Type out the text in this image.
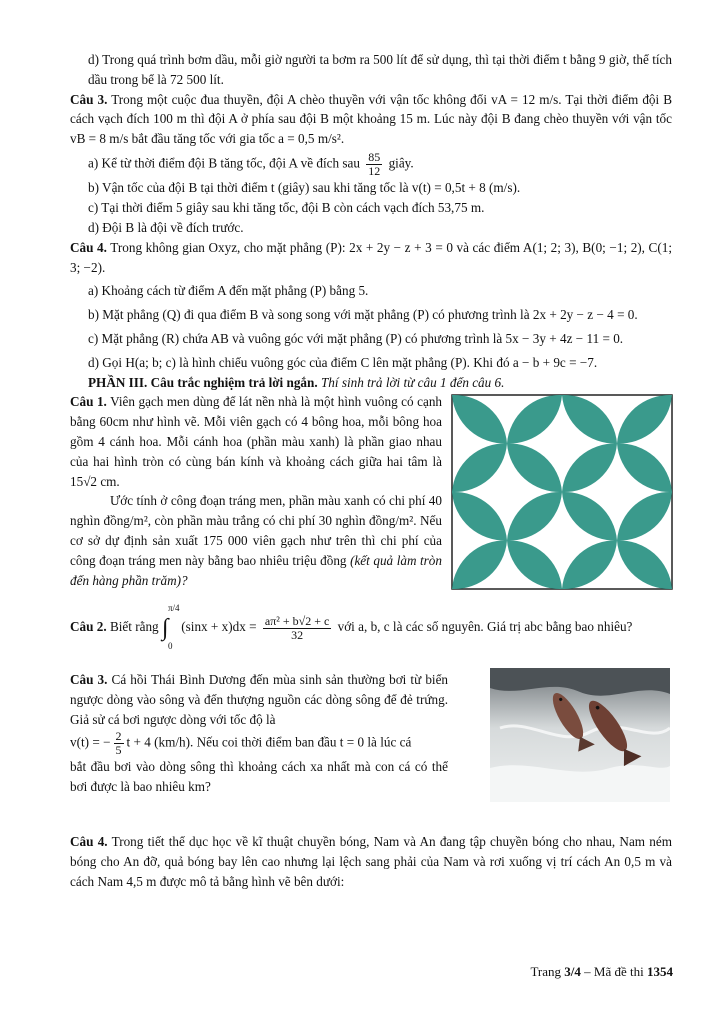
d) Trong quá trình bơm dầu, mỗi giờ người ta bơm ra 500 lít để sử dụng, thì tại thời điểm t bằng 9 giờ, thể tích dầu trong bể là 72 500 lít.

Câu 3. Trong một cuộc đua thuyền, đội A chèo thuyền với vận tốc không đổi vA = 12 m/s. Tại thời điểm đội B cách vạch đích 100 m thì đội A ở phía sau đội B một khoảng 15 m. Lúc này đội B đang chèo thuyền với vận tốc vB = 8 m/s bắt đầu tăng tốc với gia tốc a = 0,5 m/s².

a) Kể từ thời điểm đội B tăng tốc, đội A về đích sau $\frac{85}{12}$ giây.

b) Vận tốc của đội B tại thời điểm t (giây) sau khi tăng tốc là v(t) = 0,5t + 8 (m/s).

c) Tại thời điểm 5 giây sau khi tăng tốc, đội B còn cách vạch đích 53,75 m.

d) Đội B là đội về đích trước.

Câu 4. Trong không gian Oxyz, cho mặt phẳng (P): 2x + 2y − z + 3 = 0 và các điểm A(1; 2; 3), B(0; −1; 2), C(1; 3; −2).

a) Khoảng cách từ điểm A đến mặt phẳng (P) bằng 5.

b) Mặt phẳng (Q) đi qua điểm B và song song với mặt phẳng (P) có phương trình là 2x + 2y − z − 4 = 0.

c) Mặt phẳng (R) chứa AB và vuông góc với mặt phẳng (P) có phương trình là 5x − 3y + 4z − 11 = 0.

d) Gọi H(a; b; c) là hình chiếu vuông góc của điểm C lên mặt phẳng (P). Khi đó a − b + 9c = −7.

PHẦN III. Câu trắc nghiệm trả lời ngắn. Thí sinh trả lời từ câu 1 đến câu 6.

Câu 1. Viên gạch men dùng để lát nền nhà là một hình vuông có cạnh bằng 60cm như hình vẽ. Mỗi viên gạch có 4 bông hoa, mỗi bông hoa gồm 4 cánh hoa. Mỗi cánh hoa (phần màu xanh) là phần giao nhau của hai hình tròn có cùng bán kính và khoảng cách giữa hai tâm là 15√2 cm.

Ước tính ở công đoạn tráng men, phần màu xanh có chi phí 40 nghìn đồng/m², còn phần màu trắng có chi phí 30 nghìn đồng/m². Nếu cơ sở dự định sản xuất 175 000 viên gạch như trên thì chi phí của công đoạn tráng men này bằng bao nhiêu triệu đồng (kết quả làm tròn đến hàng phần trăm)?

Câu 2. Biết rằng ∫
π/4
0
$(\sin x + x)dx = \frac{\text{aπ² + b√2 + c}}{32}$ với a, b, c là các số nguyên. Giá trị abc bằng bao nhiêu?

Câu 3. Cá hồi Thái Bình Dương đến mùa sinh sản thường bơi từ biển ngược dòng vào sông và đến thượng nguồn các dòng sông để đẻ trứng. Giả sử cá bơi ngược dòng với tốc độ là

v(t) = − $\frac{2}{5}$ t + 4 (km/h). Nếu coi thời điểm ban đầu t = 0 là lúc cá

bắt đầu bơi vào dòng sông thì khoảng cách xa nhất mà con cá có thể bơi được là bao nhiêu km?

Câu 4. Trong tiết thể dục học về kĩ thuật chuyền bóng, Nam và An đang tập chuyền bóng cho nhau, Nam ném bóng cho An đỡ, quả bóng bay lên cao nhưng lại lệch sang phải của Nam và rơi xuống vị trí cách An 0,5 m và cách Nam 4,5 m được mô tả bằng hình vẽ bên dưới:

Trang 3/4 – Mã đề thi 1354
